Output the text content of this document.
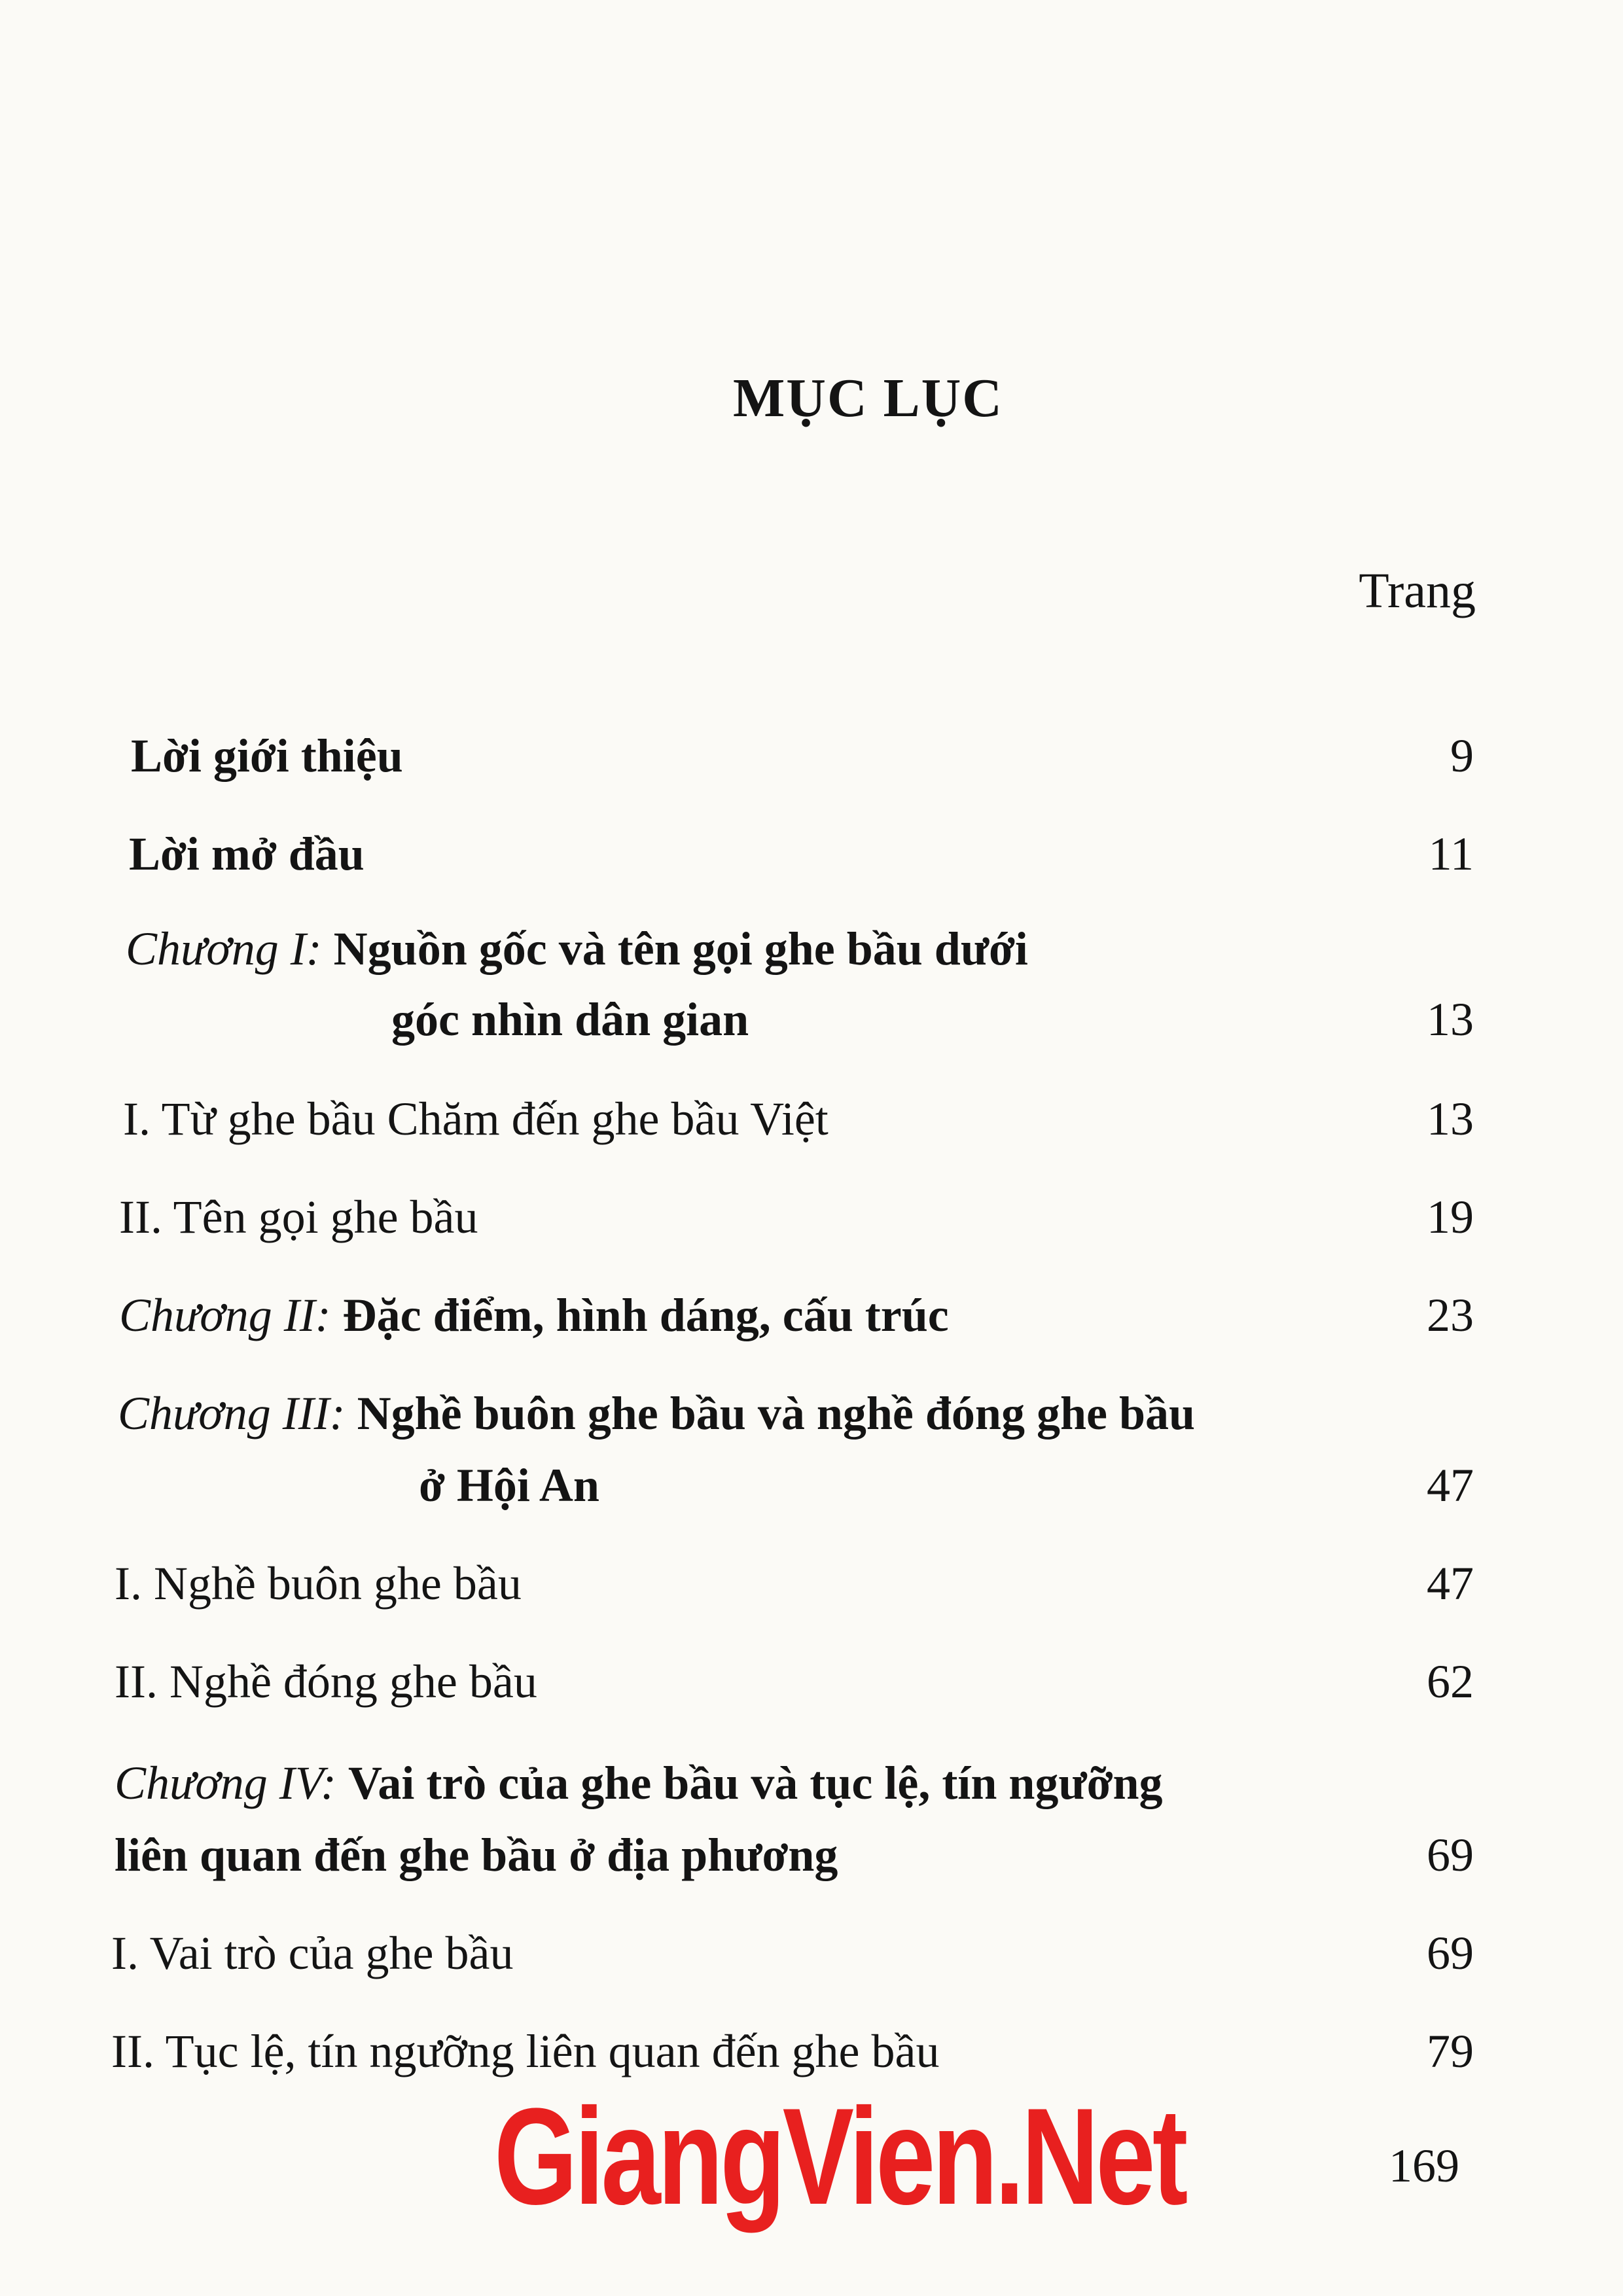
MỤC LỤC
Trang
Lời giới thiệu	9
Lời mở đầu	11
Chương I: Nguồn gốc và tên gọi ghe bầu dưới
góc nhìn dân gian	13
I. Từ ghe bầu Chăm đến ghe bầu Việt	13
II. Tên gọi ghe bầu	19
Chương II: Đặc điểm, hình dáng, cấu trúc	23
Chương III: Nghề buôn ghe bầu và nghề đóng ghe bầu
ở Hội An	47
I. Nghề buôn ghe bầu	47
II. Nghề đóng ghe bầu	62
Chương IV: Vai trò của ghe bầu và tục lệ, tín ngưỡng
liên quan đến ghe bầu ở địa phương	69
I. Vai trò của ghe bầu	69
II. Tục lệ, tín ngưỡng liên quan đến ghe bầu	79
169
GiangVien.Net
